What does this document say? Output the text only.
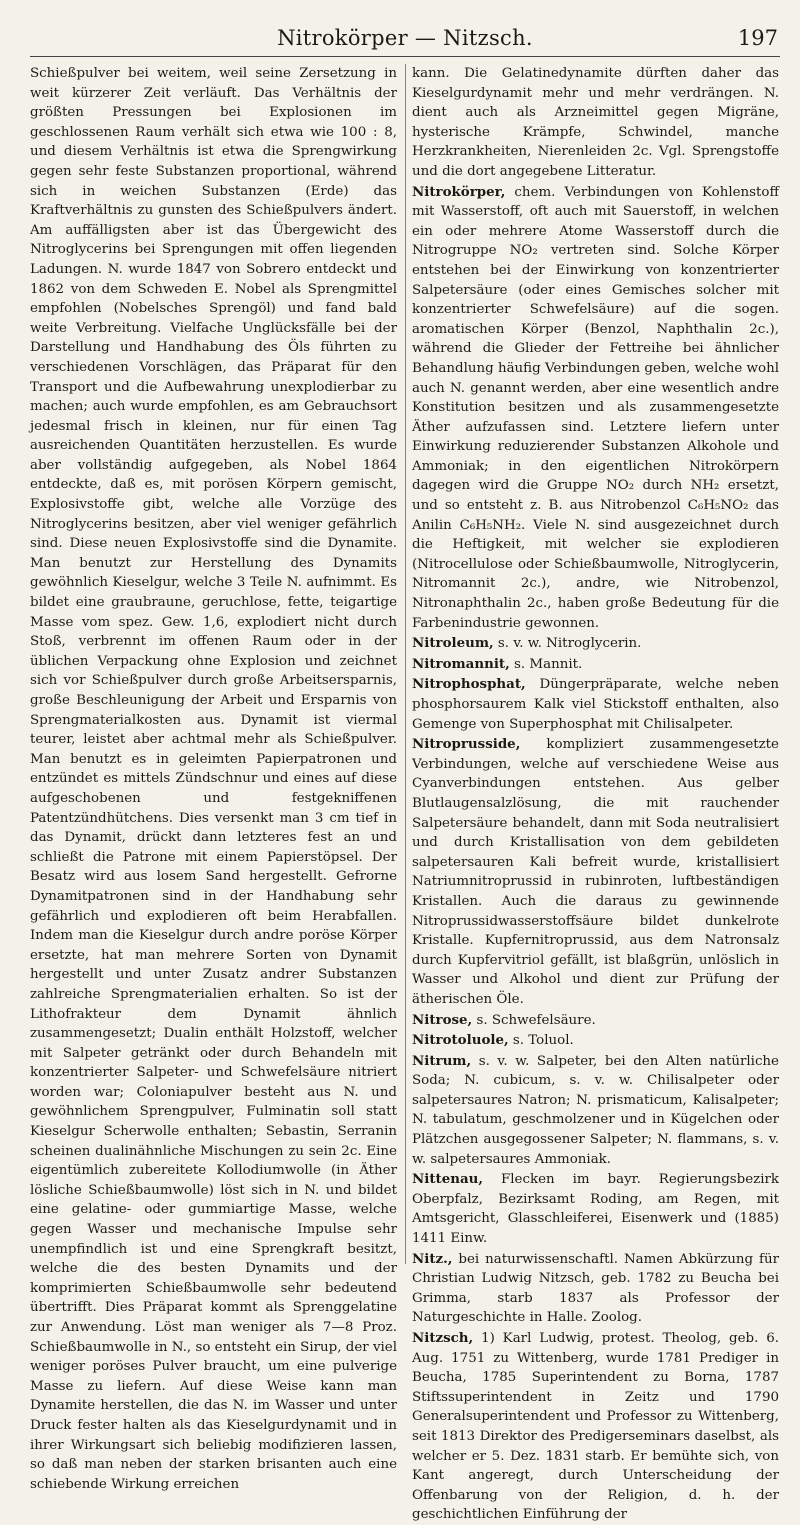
Nitrokörper — Nitzsch.	197

Schießpulver bei weitem, weil seine Zersetzung in weit kürzerer Zeit verläuft. Das Verhältnis der größten Pressungen bei Explosionen im geschlossenen Raum verhält sich etwa wie 100 : 8, und diesem Verhältnis ist etwa die Sprengwirkung gegen sehr feste Substanzen proportional, während sich in weichen Substanzen (Erde) das Kraftverhältnis zu gunsten des Schießpulvers ändert. Am auffälligsten aber ist das Übergewicht des Nitroglycerins bei Sprengungen mit offen liegenden Ladungen. N. wurde 1847 von Sobrero entdeckt und 1862 von dem Schweden E. Nobel als Sprengmittel empfohlen (Nobelsches Sprengöl) und fand bald weite Verbreitung. Vielfache Unglücksfälle bei der Darstellung und Handhabung des Öls führten zu verschiedenen Vorschlägen, das Präparat für den Transport und die Aufbewahrung unexplodierbar zu machen; auch wurde empfohlen, es am Gebrauchsort jedesmal frisch in kleinen, nur für einen Tag ausreichenden Quantitäten herzustellen. Es wurde aber vollständig aufgegeben, als Nobel 1864 entdeckte, daß es, mit porösen Körpern gemischt, Explosivstoffe gibt, welche alle Vorzüge des Nitroglycerins besitzen, aber viel weniger gefährlich sind. Diese neuen Explosivstoffe sind die Dynamite. Man benutzt zur Herstellung des Dynamits gewöhnlich Kieselgur, welche 3 Teile N. aufnimmt. Es bildet eine graubraune, geruchlose, fette, teigartige Masse vom spez. Gew. 1,6, explodiert nicht durch Stoß, verbrennt im offenen Raum oder in der üblichen Verpackung ohne Explosion und zeichnet sich vor Schießpulver durch große Arbeitsersparnis, große Beschleunigung der Arbeit und Ersparnis von Sprengmaterialkosten aus. Dynamit ist viermal teurer, leistet aber achtmal mehr als Schießpulver. Man benutzt es in geleimten Papierpatronen und entzündet es mittels Zündschnur und eines auf diese aufgeschobenen und festgekniffenen Patentzündhütchens. Dies versenkt man 3 cm tief in das Dynamit, drückt dann letzteres fest an und schließt die Patrone mit einem Papierstöpsel. Der Besatz wird aus losem Sand hergestellt. Gefrorne Dynamitpatronen sind in der Handhabung sehr gefährlich und explodieren oft beim Herabfallen. Indem man die Kieselgur durch andre poröse Körper ersetzte, hat man mehrere Sorten von Dynamit hergestellt und unter Zusatz andrer Substanzen zahlreiche Sprengmaterialien erhalten. So ist der Lithofrakteur dem Dynamit ähnlich zusammengesetzt; Dualin enthält Holzstoff, welcher mit Salpeter getränkt oder durch Behandeln mit konzentrierter Salpeter- und Schwefelsäure nitriert worden war; Coloniapulver besteht aus N. und gewöhnlichem Sprengpulver, Fulminatin soll statt Kieselgur Scherwolle enthalten; Sebastin, Serranin scheinen dualinähnliche Mischungen zu sein 2c. Eine eigentümlich zubereitete Kollodiumwolle (in Äther lösliche Schießbaumwolle) löst sich in N. und bildet eine gelatine- oder gummiartige Masse, welche gegen Wasser und mechanische Impulse sehr unempfindlich ist und eine Sprengkraft besitzt, welche die des besten Dynamits und der komprimierten Schießbaumwolle sehr bedeutend übertrifft. Dies Präparat kommt als Sprenggelatine zur Anwendung. Löst man weniger als 7—8 Proz. Schießbaumwolle in N., so entsteht ein Sirup, der viel weniger poröses Pulver braucht, um eine pulverige Masse zu liefern. Auf diese Weise kann man Dynamite herstellen, die das N. im Wasser und unter Druck fester halten als das Kieselgurdynamit und in ihrer Wirkungsart sich beliebig modifizieren lassen, so daß man neben der starken brisanten auch eine schiebende Wirkung erreichen

kann. Die Gelatinedynamite dürften daher das Kieselgurdynamit mehr und mehr verdrängen. N. dient auch als Arzneimittel gegen Migräne, hysterische Krämpfe, Schwindel, manche Herzkrankheiten, Nierenleiden 2c. Vgl. Sprengstoffe und die dort angegebene Litteratur.

Nitrokörper, chem. Verbindungen von Kohlenstoff mit Wasserstoff, oft auch mit Sauerstoff, in welchen ein oder mehrere Atome Wasserstoff durch die Nitrogruppe NO₂ vertreten sind. Solche Körper entstehen bei der Einwirkung von konzentrierter Salpetersäure (oder eines Gemisches solcher mit konzentrierter Schwefelsäure) auf die sogen. aromatischen Körper (Benzol, Naphthalin 2c.), während die Glieder der Fettreihe bei ähnlicher Behandlung häufig Verbindungen geben, welche wohl auch N. genannt werden, aber eine wesentlich andre Konstitution besitzen und als zusammengesetzte Äther aufzufassen sind. Letztere liefern unter Einwirkung reduzierender Substanzen Alkohole und Ammoniak; in den eigentlichen Nitrokörpern dagegen wird die Gruppe NO₂ durch NH₂ ersetzt, und so entsteht z. B. aus Nitrobenzol C₆H₅NO₂ das Anilin C₆H₅NH₂. Viele N. sind ausgezeichnet durch die Heftigkeit, mit welcher sie explodieren (Nitrocellulose oder Schießbaumwolle, Nitroglycerin, Nitromannit 2c.), andre, wie Nitrobenzol, Nitronaphthalin 2c., haben große Bedeutung für die Farbenindustrie gewonnen.

Nitroleum, s. v. w. Nitroglycerin.

Nitromannit, s. Mannit.

Nitrophosphat, Düngerpräparate, welche neben phosphorsaurem Kalk viel Stickstoff enthalten, also Gemenge von Superphosphat mit Chilisalpeter.

Nitroprusside, kompliziert zusammengesetzte Verbindungen, welche auf verschiedene Weise aus Cyanverbindungen entstehen. Aus gelber Blutlaugensalzlösung, die mit rauchender Salpetersäure behandelt, dann mit Soda neutralisiert und durch Kristallisation von dem gebildeten salpetersauren Kali befreit wurde, kristallisiert Natriumnitroprussid in rubinroten, luftbeständigen Kristallen. Auch die daraus zu gewinnende Nitroprussidwasserstoffsäure bildet dunkelrote Kristalle. Kupfernitroprussid, aus dem Natronsalz durch Kupfervitriol gefällt, ist blaßgrün, unlöslich in Wasser und Alkohol und dient zur Prüfung der ätherischen Öle.

Nitrose, s. Schwefelsäure.

Nitrotoluole, s. Toluol.

Nitrum, s. v. w. Salpeter, bei den Alten natürliche Soda; N. cubicum, s. v. w. Chilisalpeter oder salpetersaures Natron; N. prismaticum, Kalisalpeter; N. tabulatum, geschmolzener und in Kügelchen oder Plätzchen ausgegossener Salpeter; N. flammans, s. v. w. salpetersaures Ammoniak.

Nittenau, Flecken im bayr. Regierungsbezirk Oberpfalz, Bezirksamt Roding, am Regen, mit Amtsgericht, Glasschleiferei, Eisenwerk und (1885) 1411 Einw.

Nitz., bei naturwissenschaftl. Namen Abkürzung für Christian Ludwig Nitzsch, geb. 1782 zu Beucha bei Grimma, starb 1837 als Professor der Naturgeschichte in Halle. Zoolog.

Nitzsch, 1) Karl Ludwig, protest. Theolog, geb. 6. Aug. 1751 zu Wittenberg, wurde 1781 Prediger in Beucha, 1785 Superintendent zu Borna, 1787 Stiftssuperintendent in Zeitz und 1790 Generalsuperintendent und Professor zu Wittenberg, seit 1813 Direktor des Predigerseminars daselbst, als welcher er 5. Dez. 1831 starb. Er bemühte sich, von Kant angeregt, durch Unterscheidung der Offenbarung von der Religion, d. h. der geschichtlichen Einführung der
